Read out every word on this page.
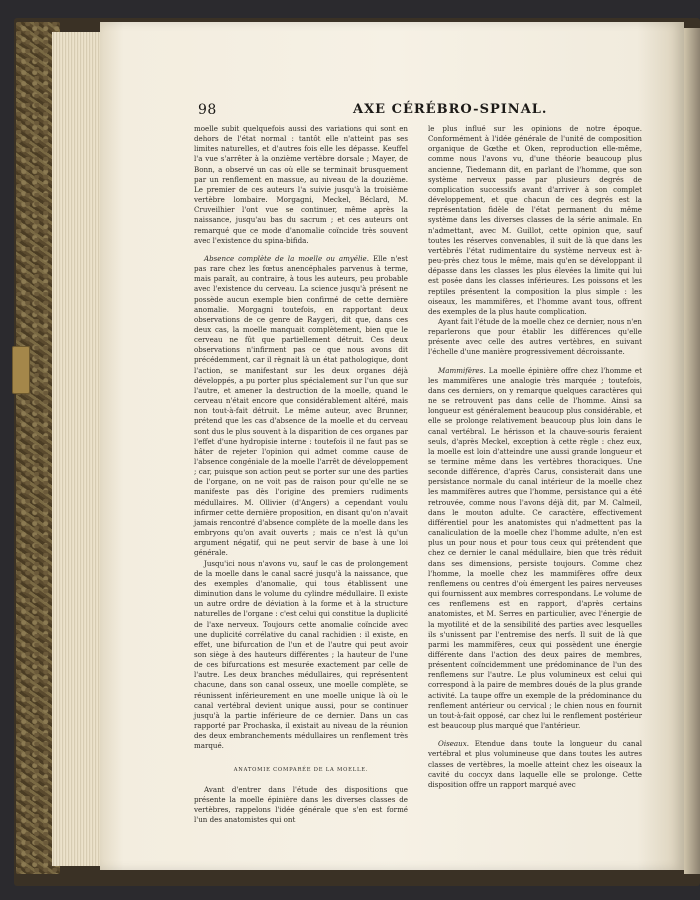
98	AXE CÉRÉBRO-SPINAL.

moelle subit quelquefois aussi des variations qui sont en dehors de l'état normal : tantôt elle n'atteint pas ses limites naturelles, et d'autres fois elle les dépasse. Keuffel l'a vue s'arrêter à la onzième vertèbre dorsale ; Mayer, de Bonn, a observé un cas où elle se terminait brusquement par un renflement en massue, au niveau de la douzième. Le premier de ces auteurs l'a suivie jusqu'à la troisième vertèbre lombaire. Morgagni, Meckel, Béclard, M. Cruveilhier l'ont vue se continuer, même après la naissance, jusqu'au bas du sacrum ; et ces auteurs ont remarqué que ce mode d'anomalie coïncide très souvent avec l'existence du spina-bifida.

Absence complète de la moelle ou amyélie. Elle n'est pas rare chez les fœtus anencéphales parvenus à terme, mais paraît, au contraire, à tous les auteurs, peu probable avec l'existence du cerveau. La science jusqu'à présent ne possède aucun exemple bien confirmé de cette dernière anomalie. Morgagni toutefois, en rapportant deux observations de ce genre de Raygeri, dit que, dans ces deux cas, la moelle manquait complètement, bien que le cerveau ne fût que partiellement détruit. Ces deux observations n'infirment pas ce que nous avons dit précédemment, car il règnait là un état pathologique, dont l'action, se manifestant sur les deux organes déjà développés, a pu porter plus spécialement sur l'un que sur l'autre, et amener la destruction de la moelle, quand le cerveau n'était encore que considérablement altéré, mais non tout-à-fait détruit. Le même auteur, avec Brunner, prétend que les cas d'absence de la moelle et du cerveau sont dus le plus souvent à la disparition de ces organes par l'effet d'une hydropisie interne : toutefois il ne faut pas se hâter de rejeter l'opinion qui admet comme cause de l'absence congéniale de la moelle l'arrêt de développement ; car, puisque son action peut se porter sur une des parties de l'organe, on ne voit pas de raison pour qu'elle ne se manifeste pas dès l'origine des premiers rudiments médullaires. M. Ollivier (d'Angers) a cependant voulu infirmer cette dernière proposition, en disant qu'on n'avait jamais rencontré d'absence complète de la moelle dans les embryons qu'on avait ouverts ; mais ce n'est là qu'un argument négatif, qui ne peut servir de base à une loi générale.

Jusqu'ici nous n'avons vu, sauf le cas de prolongement de la moelle dans le canal sacré jusqu'à la naissance, que des exemples d'anomalie, qui tous établissent une diminution dans le volume du cylindre médullaire. Il existe un autre ordre de déviation à la forme et à la structure naturelles de l'organe : c'est celui qui constitue la duplicité de l'axe nerveux. Toujours cette anomalie coïncide avec une duplicité corrélative du canal rachidien : il existe, en effet, une bifurcation de l'un et de l'autre qui peut avoir son siège à des hauteurs différentes ; la hauteur de l'une de ces bifurcations est mesurée exactement par celle de l'autre. Les deux branches médullaires, qui représentent chacune, dans son canal osseux, une moelle complète, se réunissent inférieurement en une moelle unique là où le canal vertébral devient unique aussi, pour se continuer jusqu'à la partie inférieure de ce dernier. Dans un cas rapporté par Prochaska, il existait au niveau de la réunion des deux embranchements médullaires un renflement très marqué.

ANATOMIE COMPARÉE DE LA MOELLE.

Avant d'entrer dans l'étude des dispositions que présente la moelle épinière dans les diverses classes de vertèbres, rappelons l'idée générale que s'en est formé l'un des anatomistes qui ont

le plus influé sur les opinions de notre époque. Conformément à l'idée générale de l'unité de composition organique de Gœthe et Oken, reproduction elle-même, comme nous l'avons vu, d'une théorie beaucoup plus ancienne, Tiedemann dit, en parlant de l'homme, que son système nerveux passe par plusieurs degrés de complication successifs avant d'arriver à son complet développement, et que chacun de ces degrés est la représentation fidèle de l'état permanent du même système dans les diverses classes de la série animale. En n'admettant, avec M. Guillot, cette opinion que, sauf toutes les réserves convenables, il suit de là que dans les vertèbrés l'état rudimentaire du système nerveux est à-peu-près chez tous le même, mais qu'en se développant il dépasse dans les classes les plus élevées la limite qui lui est posée dans les classes inférieures. Les poissons et les reptiles présentent la composition la plus simple : les oiseaux, les mammifères, et l'homme avant tous, offrent des exemples de la plus haute complication.

Ayant fait l'étude de la moelle chez ce dernier, nous n'en reparlerons que pour établir les différences qu'elle présente avec celle des autres vertèbres, en suivant l'échelle d'une manière progressivement décroissante.

Mammifères. La moelle épinière offre chez l'homme et les mammifères une analogie très marquée ; toutefois, dans ces derniers, on y remarque quelques caractères qui ne se retrouvent pas dans celle de l'homme. Ainsi sa longueur est généralement beaucoup plus considérable, et elle se prolonge relativement beaucoup plus loin dans le canal vertébral. Le hérisson et la chauve-souris feraient seuls, d'après Meckel, exception à cette règle : chez eux, la moelle est loin d'atteindre une aussi grande longueur et se termine même dans les vertèbres thoraciques. Une seconde différence, d'après Carus, consisterait dans une persistance normale du canal intérieur de la moelle chez les mammifères autres que l'homme, persistance qui a été retrouvée, comme nous l'avons déjà dit, par M. Calmeil, dans le mouton adulte. Ce caractère, effectivement différentiel pour les anatomistes qui n'admettent pas la canaliculation de la moelle chez l'homme adulte, n'en est plus un pour nous et pour tous ceux qui prétendent que chez ce dernier le canal médullaire, bien que très réduit dans ses dimensions, persiste toujours. Comme chez l'homme, la moelle chez les mammifères offre deux renflemens ou centres d'où émergent les paires nerveuses qui fournissent aux membres correspondans. Le volume de ces renflemens est en rapport, d'après certains anatomistes, et M. Serres en particulier, avec l'énergie de la myotilité et de la sensibilité des parties avec lesquelles ils s'unissent par l'entremise des nerfs. Il suit de là que parmi les mammifères, ceux qui possèdent une énergie différente dans l'action des deux paires de membres, présentent coïncidemment une prédominance de l'un des renflemens sur l'autre. Le plus volumineux est celui qui correspond à la paire de membres doués de la plus grande activité. La taupe offre un exemple de la prédominance du renflement antérieur ou cervical ; le chien nous en fournit un tout-à-fait opposé, car chez lui le renflement postérieur est beaucoup plus marqué que l'antérieur.

Oiseaux. Etendue dans toute la longueur du canal vertébral et plus volumineuse que dans toutes les autres classes de vertèbres, la moelle atteint chez les oiseaux la cavité du coccyx dans laquelle elle se prolonge. Cette disposition offre un rapport marqué avec
